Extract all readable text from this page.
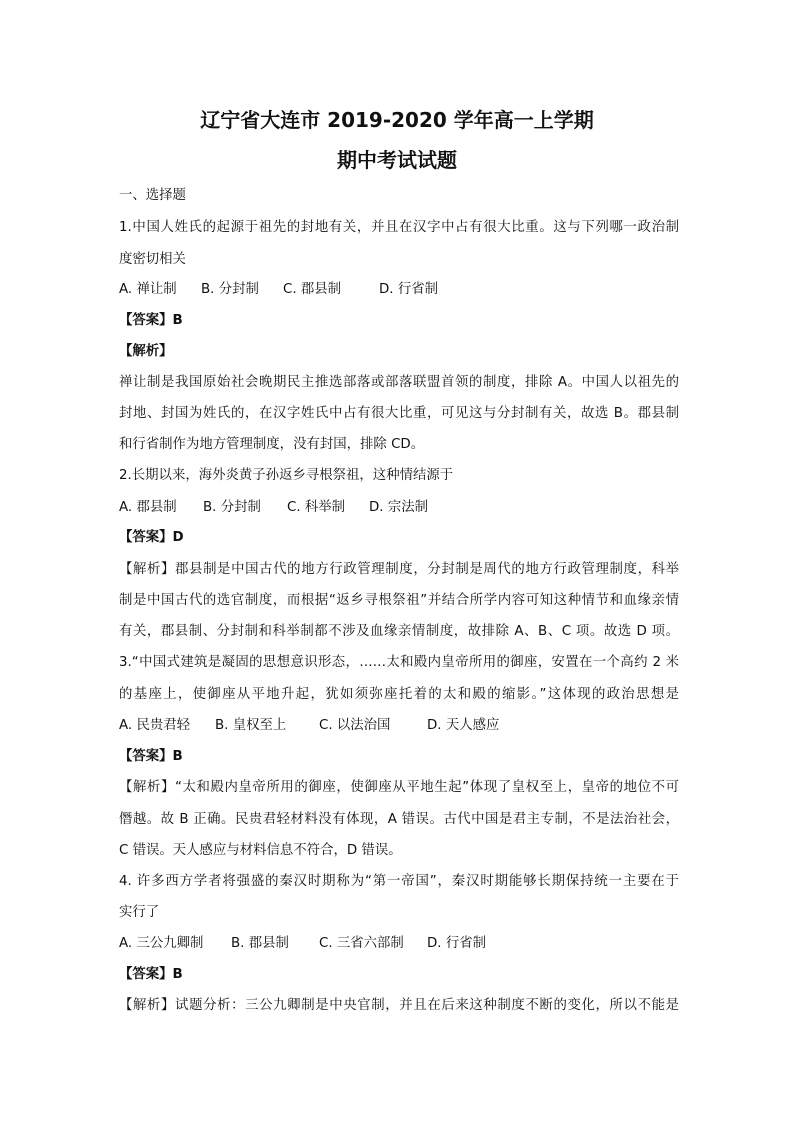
辽宁省大连市 2019-2020 学年高一上学期
期中考试试题
一、选择题
1.中国人姓氏的起源于祖先的封地有关，并且在汉字中占有很大比重。这与下列哪一政治制
度密切相关
A. 禅让制 B. 分封制 C. 郡县制	D. 行省制
【答案】B
【解析】
禅让制是我国原始社会晚期民主推选部落或部落联盟首领的制度，排除 A。中国人以祖先的
封地、封国为姓氏的，在汉字姓氏中占有很大比重，可见这与分封制有关，故选 B。郡县制
和行省制作为地方管理制度，没有封国，排除 CD。
2.长期以来，海外炎黄子孙返乡寻根祭祖，这种情结源于
A. 郡县制 B. 分封制 C. 科举制 D. 宗法制
【答案】D
【解析】郡县制是中国古代的地方行政管理制度，分封制是周代的地方行政管理制度，科举
制是中国古代的选官制度，而根据“返乡寻根祭祖”并结合所学内容可知这种情节和血缘亲情
有关，郡县制、分封制和科举制都不涉及血缘亲情制度，故排除 A、B、C 项。故选 D 项。
3.“中国式建筑是凝固的思想意识形态，……太和殿内皇帝所用的御座，安置在一个高约 2 米
的基座上，使御座从平地升起，犹如须弥座托着的太和殿的缩影。”这体现的政治思想是
A. 民贵君轻 B. 皇权至上 C. 以法治国	D. 天人感应
【答案】B
【解析】“太和殿内皇帝所用的御座，使御座从平地生起”体现了皇权至上，皇帝的地位不可
僭越。故 B 正确。民贵君轻材料没有体现，A 错误。古代中国是君主专制，不是法治社会，
C 错误。天人感应与材料信息不符合，D 错误。
4. 许多西方学者将强盛的秦汉时期称为“第一帝国”，秦汉时期能够长期保持统一主要在于
实行了
A. 三公九卿制 B. 郡县制 C. 三省六部制 D. 行省制
【答案】B
【解析】试题分析：三公九卿制是中央官制，并且在后来这种制度不断的变化，所以不能是
